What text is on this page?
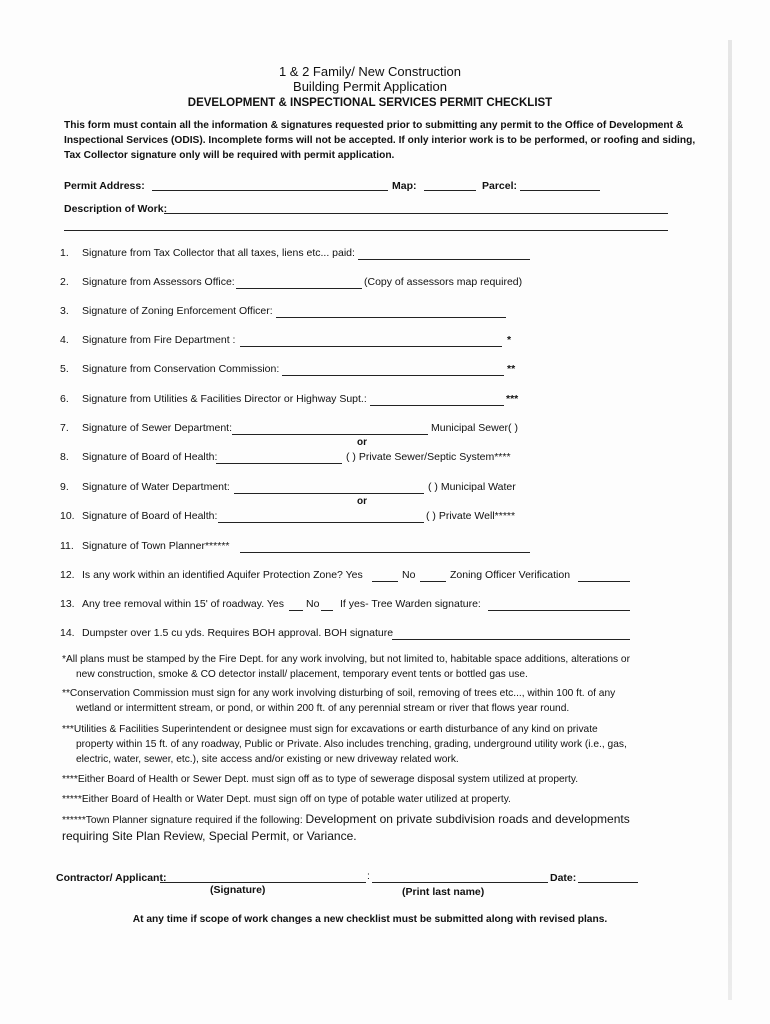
1 & 2 Family/ New Construction
Building Permit Application
DEVELOPMENT & INSPECTIONAL SERVICES PERMIT CHECKLIST
This form must contain all the information & signatures requested prior to submitting any permit to the Office of Development & Inspectional Services (ODIS). Incomplete forms will not be accepted. If only interior work is to be performed, or roofing and siding, Tax Collector signature only will be required with permit application.
Permit Address:	Map:	Parcel:
Description of Work:
1. Signature from Tax Collector that all taxes, liens etc... paid:
2. Signature from Assessors Office:	(Copy of assessors map required)
3. Signature of Zoning Enforcement Officer:
4. Signature from Fire Department :	*
5. Signature from Conservation Commission:	**
6. Signature from Utilities & Facilities Director or Highway Supt.:	***
7. Signature of Sewer Department:	Municipal Sewer( )
or
8. Signature of Board of Health:	( ) Private Sewer/Septic System****
9. Signature of Water Department:	( ) Municipal Water
or
10. Signature of Board of Health:	( ) Private Well*****
11. Signature of Town Planner******
12. Is any work within an identified Aquifer Protection Zone? Yes	No	Zoning Officer Verification
13. Any tree removal within 15' of roadway. Yes No If yes- Tree Warden signature:
14. Dumpster over 1.5 cu yds. Requires BOH approval. BOH signature
*All plans must be stamped by the Fire Dept. for any work involving, but not limited to, habitable space additions, alterations or
new construction, smoke & CO detector install/ placement, temporary event tents or bottled gas use.
**Conservation Commission must sign for any work involving disturbing of soil, removing of trees etc..., within 100 ft. of any
wetland or intermittent stream, or pond, or within 200 ft. of any perennial stream or river that flows year round.
***Utilities & Facilities Superintendent or designee must sign for excavations or earth disturbance of any kind on private
property within 15 ft. of any roadway, Public or Private. Also includes trenching, grading, underground utility work (i.e., gas,
electric, water, sewer, etc.), site access and/or existing or new driveway related work.
****Either Board of Health or Sewer Dept. must sign off as to type of sewerage disposal system utilized at property.
*****Either Board of Health or Water Dept. must sign off on type of potable water utilized at property.
******Town Planner signature required if the following: Development on private subdivision roads and developments
requiring Site Plan Review, Special Permit, or Variance.
Contractor/ Applicant:	:	Date:
(Signature)	(Print last name)
At any time if scope of work changes a new checklist must be submitted along with revised plans.
